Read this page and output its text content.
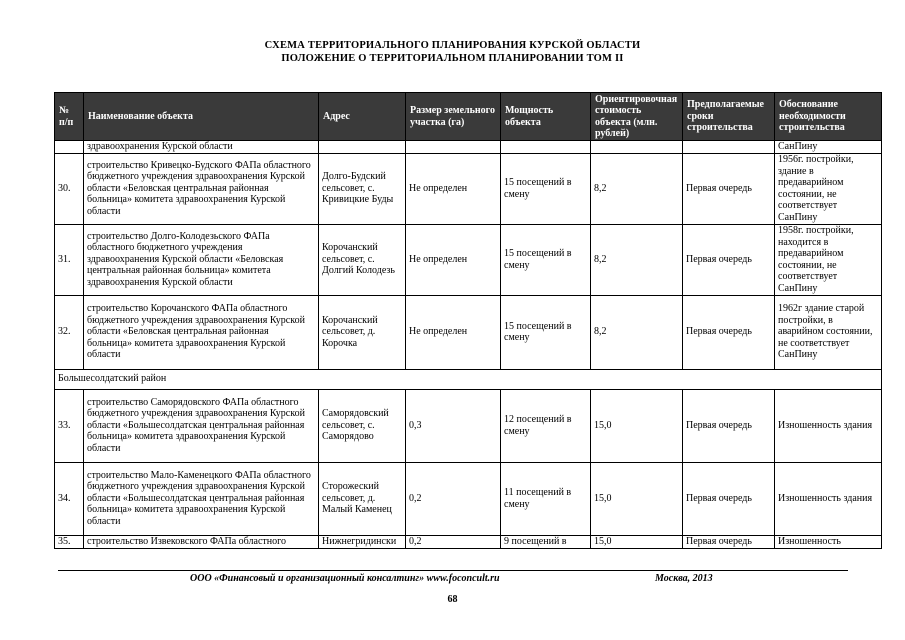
СХЕМА ТЕРРИТОРИАЛЬНОГО ПЛАНИРОВАНИЯ КУРСКОЙ ОБЛАСТИ
ПОЛОЖЕНИЕ О ТЕРРИТОРИАЛЬНОМ ПЛАНИРОВАНИИ ТОМ II
№ п/п	Наименование объекта	Адрес	Размер земельного участка (га)	Мощность объекта	Ориентировочная стоимость объекта (млн. рублей)	Предполагаемые сроки строительства	Обоснование необходимости строительства
	здравоохранения Курской области						СанПину
30.	строительство Кривецко-Будского ФАПа областного бюджетного учреждения здравоохранения Курской области «Беловская центральная районная больница» комитета здравоохранения Курской области	Долго-Будский сельсовет, с. Кривицкие Буды	Не определен	15 посещений в смену	8,2	Первая очередь	1956г. постройки, здание в предаварийном состоянии, не соответствует СанПину
31.	строительство Долго-Колодезьского ФАПа областного бюджетного учреждения здравоохранения Курской области «Беловская центральная районная больница» комитета здравоохранения Курской области	Корочанский сельсовет, с. Долгий Колодезь	Не определен	15 посещений в смену	8,2	Первая очередь	1958г. постройки, находится в предаварийном состоянии, не соответствует СанПину
32.	строительство Корочанского ФАПа областного бюджетного учреждения здравоохранения Курской области «Беловская центральная районная больница» комитета здравоохранения Курской области	Корочанский сельсовет, д. Корочка	Не определен	15 посещений в смену	8,2	Первая очередь	1962г здание старой постройки, в аварийном состоянии, не соответствует СанПину
Большесолдатский район							
33.	строительство Саморядовского ФАПа областного бюджетного учреждения здравоохранения Курской области «Большесолдатская центральная районная больница» комитета здравоохранения Курской области	Саморядовский сельсовет, с. Саморядово	0,3	12 посещений в смену	15,0	Первая очередь	Изношенность здания
34.	строительство Мало-Каменецкого ФАПа областного бюджетного учреждения здравоохранения Курской области «Большесолдатская центральная районная больница» комитета здравоохранения Курской области	Сторожеский сельсовет, д. Малый Каменец	0,2	11 посещений в смену	15,0	Первая очередь	Изношенность здания
35.	строительство Извековского ФАПа областного	Нижнегридински	0,2	9 посещений в	15,0	Первая очередь	Изношенность
ООО «Финансовый и организационный консалтинг» www.foconcult.ru	Москва, 2013
68
